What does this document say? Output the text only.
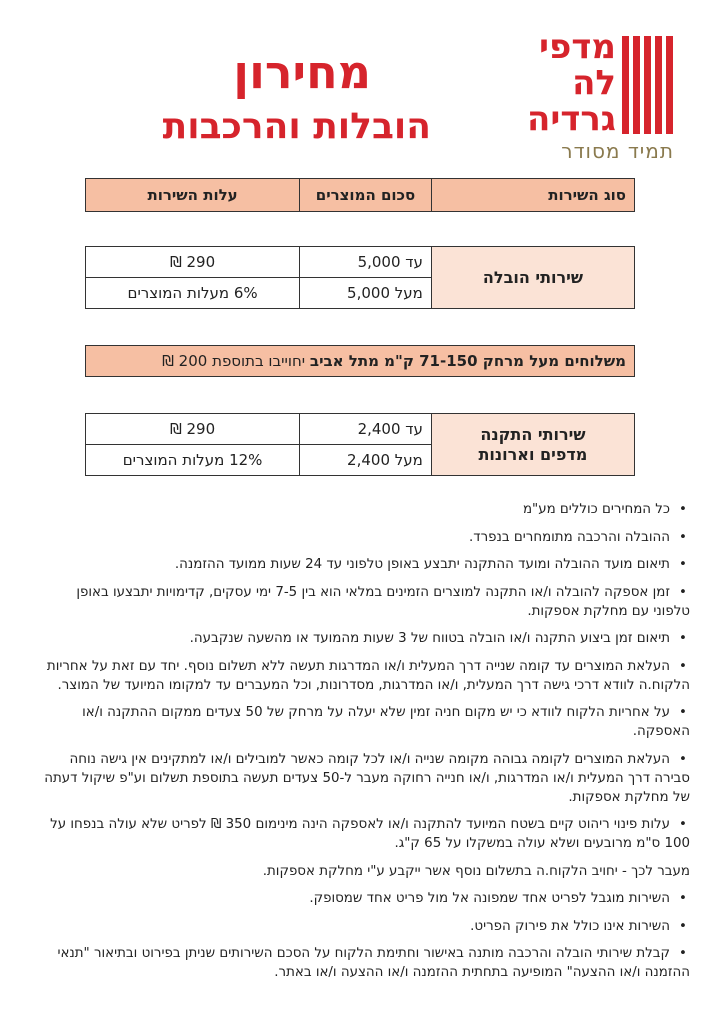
מדפי
לה
גרדיה
תמיד מסודר
מחירון
הובלות והרכבות
סוג השירות	סכום המוצרים	עלות השירות
שירותי הובלה	עד 5,000	290 ₪
	מעל 5,000	6% מעלות המוצרים
משלוחים מעל מרחק 71-150 ק"מ מתל אביב יחוייבו בתוספת 200 ₪
שירותי התקנה
מדפים וארונות	עד 2,400	290 ₪
	מעל 2,400	12% מעלות המוצרים

• כל המחירים כוללים מע"מ

• ההובלה והרכבה מתומחרים בנפרד.

• תיאום מועד ההובלה ומועד ההתקנה יתבצע באופן טלפוני עד 24 שעות ממועד ההזמנה.

• זמן אספקה להובלה ו/או התקנה למוצרים הזמינים במלאי הוא בין 7-5 ימי עסקים, קדימויות יתבצעו באופן טלפוני עם מחלקת אספקות.

• תיאום זמן ביצוע התקנה ו/או הובלה בטווח של 3 שעות מהמועד או מהשעה שנקבעה.

• העלאת המוצרים עד קומה שנייה דרך המעלית ו/או המדרגות תעשה ללא תשלום נוסף. יחד עם זאת על אחריות הלקוח.ה לוודא דרכי גישה דרך המעלית, ו/או המדרגות, מסדרונות, וכל המעברים עד למקומו המיועד של המוצר.

• על אחריות הלקוח לוודא כי יש מקום חניה זמין שלא יעלה על מרחק של 50 צעדים ממקום ההתקנה ו/או האספקה.

• העלאת המוצרים לקומה גבוהה מקומה שנייה ו/או לכל קומה כאשר למובילים ו/או למתקינים אין גישה נוחה סבירה דרך המעלית ו/או המדרגות, ו/או חנייה רחוקה מעבר ל-50 צעדים תעשה בתוספת תשלום וע"פ שיקול דעתה של מחלקת אספקות.

• עלות פינוי ריהוט קיים בשטח המיועד להתקנה ו/או לאספקה הינה מינימום 350 ₪ לפריט שלא עולה בנפחו על 100 ס"מ מרובעים ושלא עולה במשקלו על 65 ק"ג.

מעבר לכך - יחויב הלקוח.ה בתשלום נוסף אשר ייקבע ע"י מחלקת אספקות.

• השירות מוגבל לפריט אחד שמפונה אל מול פריט אחד שמסופק.

• השירות אינו כולל את פירוק הפריט.

• קבלת שירותי הובלה והרכבה מותנה באישור וחתימת הלקוח על הסכם השירותים שניתן בפירוט ובתיאור "תנאי ההזמנה ו/או ההצעה" המופיעה בתחתית ההזמנה ו/או ההצעה ו/או באתר.
